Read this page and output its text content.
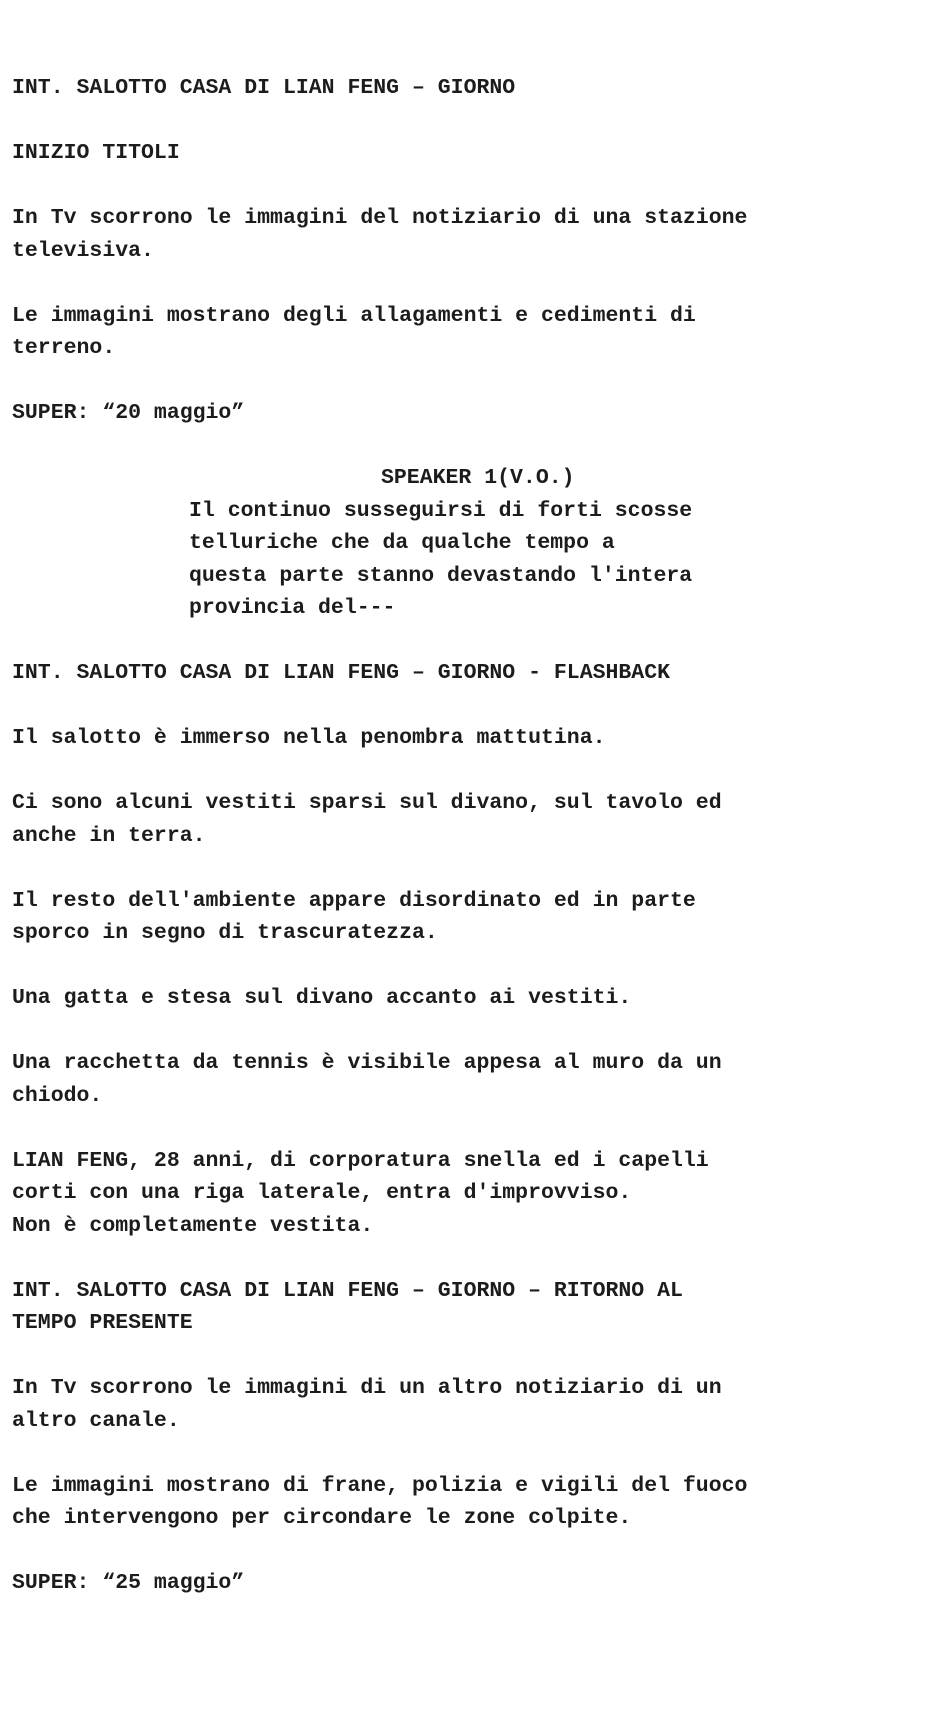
INT. SALOTTO CASA DI LIAN FENG – GIORNO
INIZIO TITOLI
In Tv scorrono le immagini del notiziario di una stazione
televisiva.
Le immagini mostrano degli allagamenti e cedimenti di
terreno.
SUPER: “20 maggio”
SPEAKER 1(V.O.)
Il continuo susseguirsi di forti scosse
telluriche che da qualche tempo a
questa parte stanno devastando l'intera
provincia del---
INT. SALOTTO CASA DI LIAN FENG – GIORNO - FLASHBACK
Il salotto è immerso nella penombra mattutina.
Ci sono alcuni vestiti sparsi sul divano, sul tavolo ed
anche in terra.
Il resto dell'ambiente appare disordinato ed in parte
sporco in segno di trascuratezza.
Una gatta e stesa sul divano accanto ai vestiti.
Una racchetta da tennis è visibile appesa al muro da un
chiodo.
LIAN FENG, 28 anni, di corporatura snella ed i capelli
corti con una riga laterale, entra d'improvviso.
Non è completamente vestita.
INT. SALOTTO CASA DI LIAN FENG – GIORNO – RITORNO AL
TEMPO PRESENTE
In Tv scorrono le immagini di un altro notiziario di un
altro canale.
Le immagini mostrano di frane, polizia e vigili del fuoco
che intervengono per circondare le zone colpite.
SUPER: “25 maggio”
